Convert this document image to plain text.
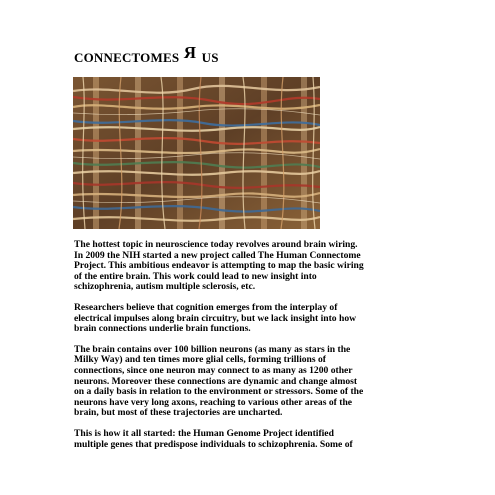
CONNECTOMES Я US
The hottest topic in neuroscience today revolves around brain wiring.
In 2009 the NIH started a new project called The Human Connectome
Project. This ambitious endeavor is attempting to map the basic wiring
of the entire brain. This work could lead to new insight into
schizophrenia, autism multiple sclerosis, etc.
Researchers believe that cognition emerges from the interplay of
electrical impulses along brain circuitry, but we lack insight into how
brain connections underlie brain functions.
The brain contains over 100 billion neurons (as many as stars in the
Milky Way) and ten times more glial cells, forming trillions of
connections, since one neuron may connect to as many as 1200 other
neurons. Moreover these connections are dynamic and change almost
on a daily basis in relation to the environment or stressors. Some of the
neurons have very long axons, reaching to various other areas of the
brain, but most of these trajectories are uncharted.
This is how it all started: the Human Genome Project identified
multiple genes that predispose individuals to schizophrenia. Some of
